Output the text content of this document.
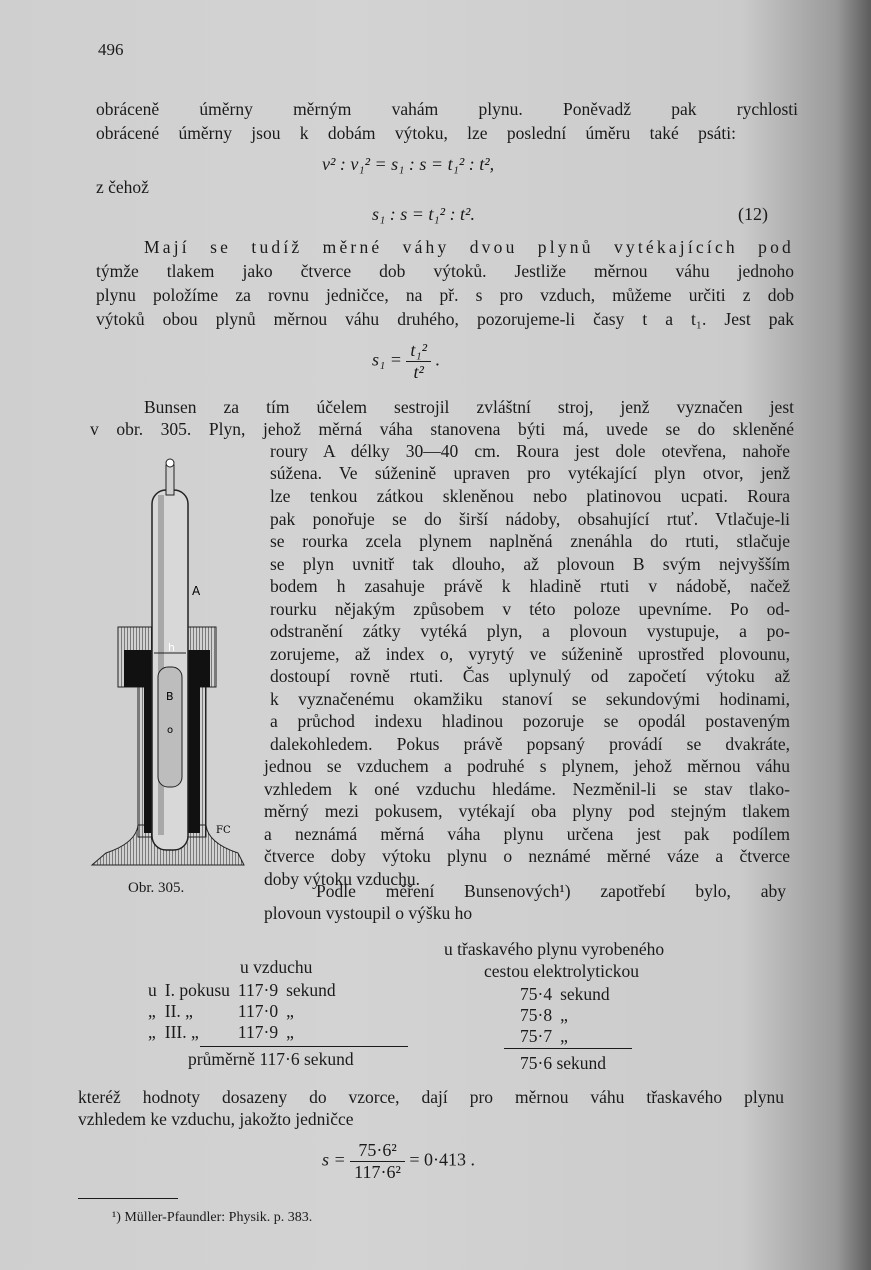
496
obráceně úměrny měrným vahám plynu. Poněvadž pak rychlosti
obrácené úměrny jsou k dobám výtoku, lze poslední úměru také psáti:
v² : v₁² = s₁ : s = t₁² : t²,
z čehož
s₁ : s = t₁² : t².	(12)
Mají se tudíž měrné váhy dvou plynů vytékajících pod
týmže tlakem jako čtverce dob výtoků. Jestliže měrnou váhu jednoho
plynu položíme za rovnu jedničce, na př. s pro vzduch, můžeme určiti z dob
výtoků obou plynů měrnou váhu druhého, pozorujeme-li časy t a t₁. Jest pak
$s_1 = \frac{\text{t₁²}}{\text{t²}}$ .
Bunsen za tím účelem sestrojil zvláštní stroj, jenž vyznačen jest
v obr. 305. Plyn, jehož měrná váha stanovena býti má, uvede se do skleněné
roury A délky 30—40 cm. Roura jest dole otevřena, nahoře
súžena. Ve súženině upraven pro vytékající plyn otvor, jenž
lze tenkou zátkou skleněnou nebo platinovou ucpati. Roura
pak ponořuje se do širší nádoby, obsahující rtuť. Vtlačuje-li
se rourka zcela plynem naplněná znenáhla do rtuti, stlačuje
se plyn uvnitř tak dlouho, až plovoun B svým nejvyšším
bodem h zasahuje právě k hladině rtuti v nádobě, načež
rourku nějakým způsobem v této poloze upevníme. Po od-
odstranění zátky vytéká plyn, a plovoun vystupuje, a po-
zorujeme, až index o, vyrytý ve súženině uprostřed plovounu,
dostoupí rovně rtuti. Čas uplynulý od započetí výtoku až
k vyznačenému okamžiku stanoví se sekundovými hodinami,
a průchod indexu hladinou pozoruje se opodál postaveným
dalekohledem. Pokus právě popsaný provádí se dvakráte,
jednou se vzduchem a podruhé s plynem, jehož měrnou váhu
vzhledem k oné vzduchu hledáme. Nezměnil-li se stav tlako-
měrný mezi pokusem, vytékají oba plyny pod stejným tlakem
a neznámá měrná váha plynu určena jest pak podílem
čtverce doby výtoku plynu o neznámé měrné váze a čtverce
doby výtoku vzduchu.
Podle měření Bunsenových¹) zapotřebí bylo, aby
plovoun vystoupil o výšku ho
A
h
B
o
FC
Obr. 305.
u vzduchu
u třaskavého plynu vyrobeného
cestou elektrolytickou
u	I. pokusu	117·9	sekund
„	II. „	117·0	„
„	III. „	117·9	„
průměrně 117·6 sekund
75·4	sekund
75·8	„
75·7	„
75·6 sekund
kteréž hodnoty dosazeny do vzorce, dají pro měrnou váhu třaskavého plynu
vzhledem ke vzduchu, jakožto jedničce
$s = \frac{\text{75·6²}}{\text{117·6²}} = 0\cdot 413$ .
¹) Müller-Pfaundler: Physik. p. 383.
